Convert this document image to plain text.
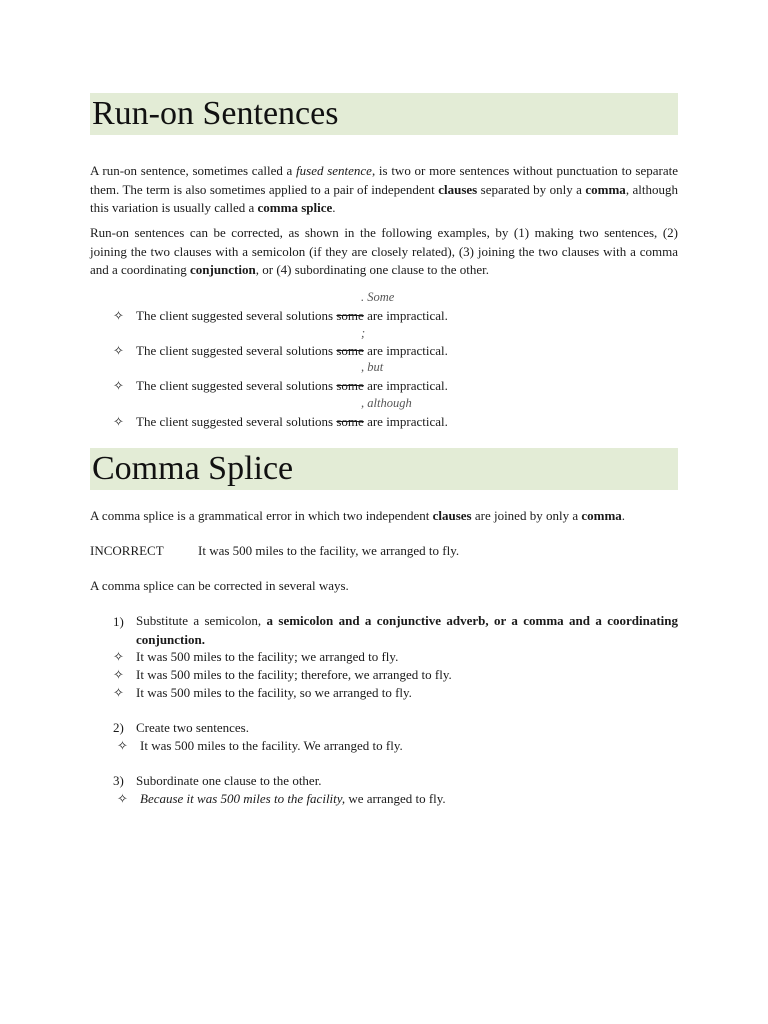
Run-on Sentences

A run-on sentence, sometimes called a fused sentence, is two or more sentences without punctuation to separate them. The term is also sometimes applied to a pair of independent clauses separated by only a comma, although this variation is usually called a comma splice.

Run-on sentences can be corrected, as shown in the following examples, by (1) making two sentences, (2) joining the two clauses with a semicolon (if they are closely related), (3) joining the two clauses with a comma and a coordinating conjunction, or (4) subordinating one clause to the other.

. Some
✧ The client suggested several solutions some are impractical.
;
✧ The client suggested several solutions some are impractical.
, but
✧ The client suggested several solutions some are impractical.
, although
✧ The client suggested several solutions some are impractical.
Comma Splice

A comma splice is a grammatical error in which two independent clauses are joined by only a comma.

INCORRECT	It was 500 miles to the facility, we arranged to fly.

A comma splice can be corrected in several ways.

1) Substitute a semicolon, a semicolon and a conjunctive adverb, or a comma and a coordinating conjunction.

✧ It was 500 miles to the facility; we arranged to fly.
✧ It was 500 miles to the facility; therefore, we arranged to fly.
✧ It was 500 miles to the facility, so we arranged to fly.
2) Create two sentences.
✧ It was 500 miles to the facility. We arranged to fly.
3) Subordinate one clause to the other.
✧ Because it was 500 miles to the facility, we arranged to fly.
